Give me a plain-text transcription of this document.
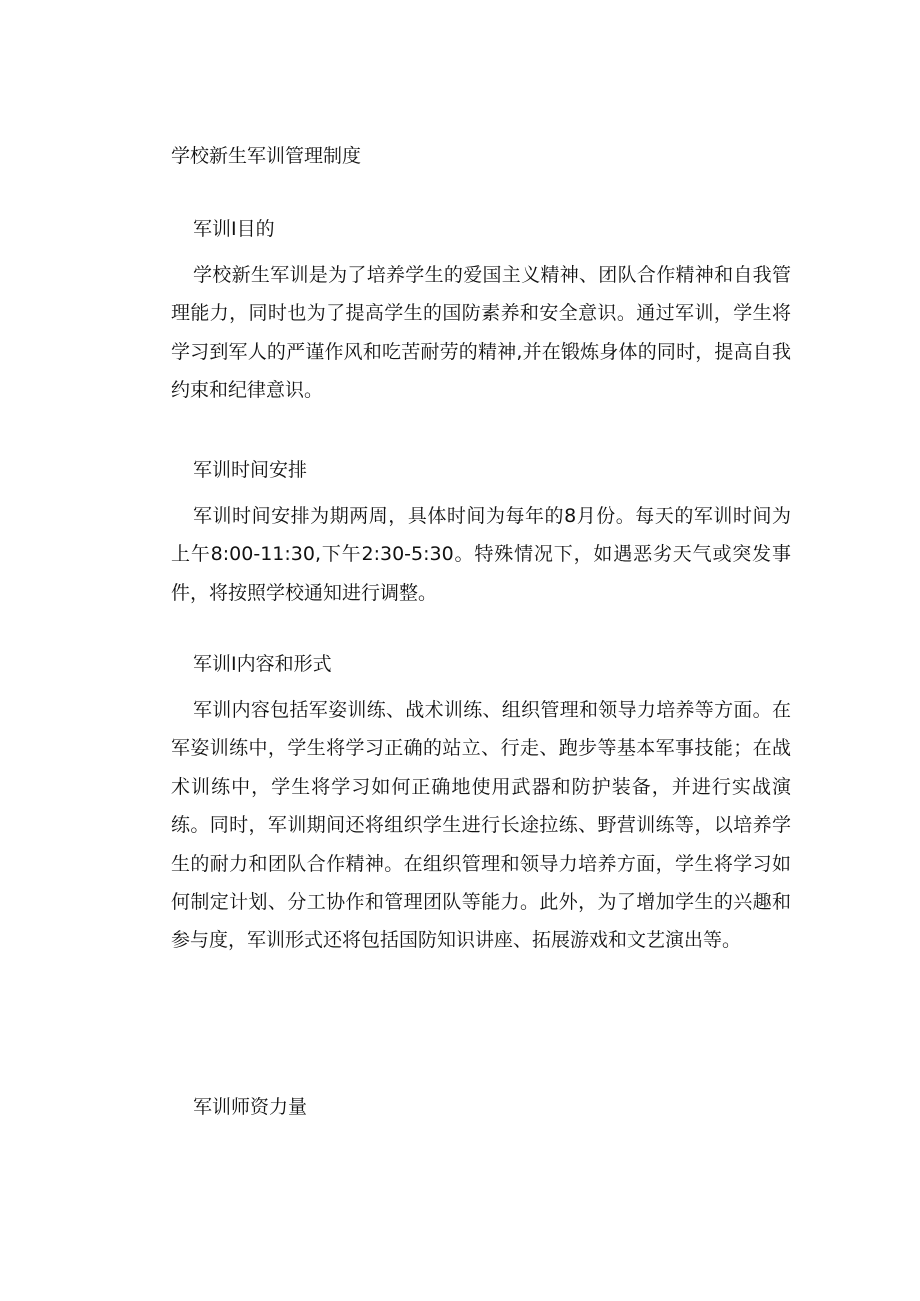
学校新生军训管理制度
军训I目的

学校新生军训是为了培养学生的爱国主义精神、团队合作精神和自我管理能力，同时也为了提高学生的国防素养和安全意识。通过军训，学生将学习到军人的严谨作风和吃苦耐劳的精神,并在锻炼身体的同时，提高自我约束和纪律意识。

军训时间安排

军训时间安排为期两周，具体时间为每年的8月份。每天的军训时间为上午8:00-11:30,下午2:30-5:30。特殊情况下，如遇恶劣天气或突发事件，将按照学校通知进行调整。

军训I内容和形式

军训内容包括军姿训练、战术训练、组织管理和领导力培养等方面。在军姿训练中，学生将学习正确的站立、行走、跑步等基本军事技能；在战术训练中，学生将学习如何正确地使用武器和防护装备，并进行实战演练。同时，军训期间还将组织学生进行长途拉练、野营训练等，以培养学生的耐力和团队合作精神。在组织管理和领导力培养方面，学生将学习如何制定计划、分工协作和管理团队等能力。此外，为了增加学生的兴趣和参与度，军训形式还将包括国防知识讲座、拓展游戏和文艺演出等。

军训师资力量
